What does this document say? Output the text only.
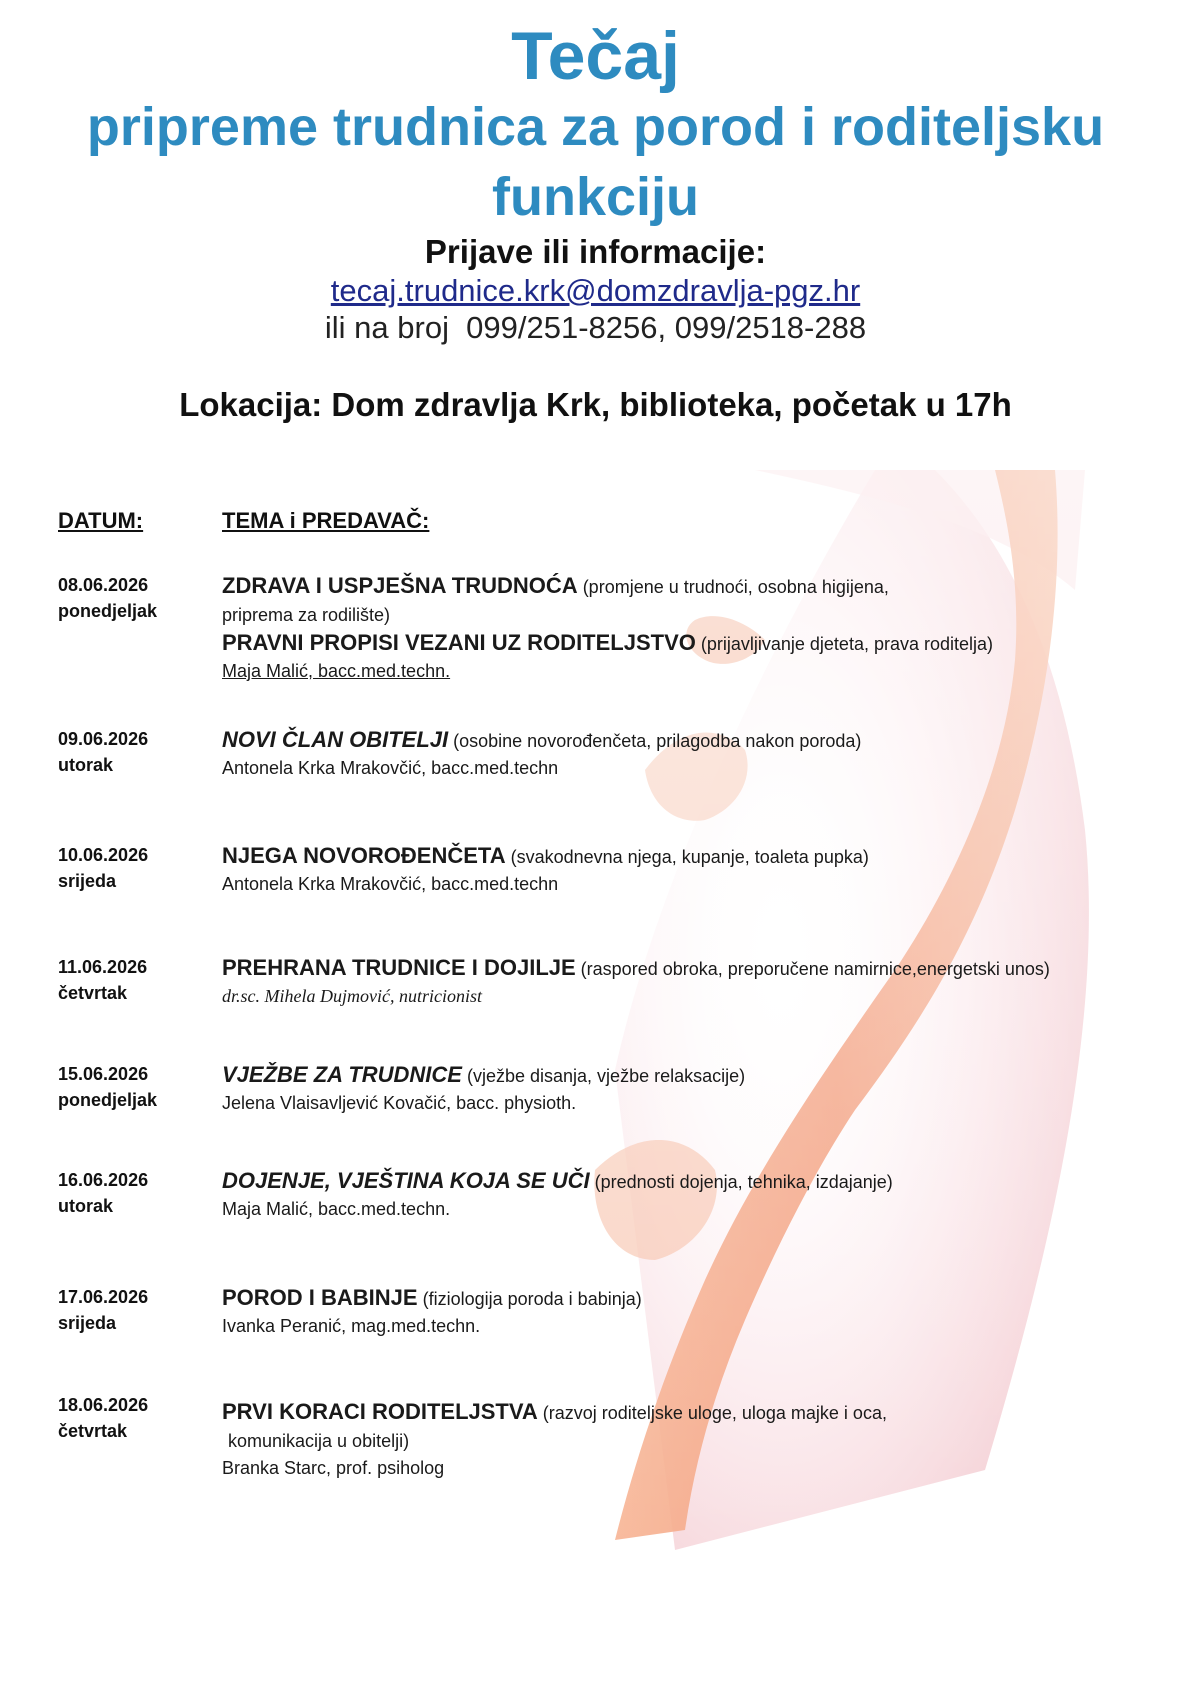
Tečaj
pripreme trudnica za porod i roditeljsku
funkciju
Prijave ili informacije:
tecaj.trudnice.krk@domzdravlja-pgz.hr
ili na broj  099/251-8256, 099/2518-288
Lokacija: Dom zdravlja Krk, biblioteka, početak u 17h
DATUM:	TEMA i PREDAVAČ:
08.06.2026
ponedjeljak
ZDRAVA I USPJEŠNA TRUDNOĆA (promjene u trudnoći, osobna higijena,
priprema za rodilište)
PRAVNI PROPISI VEZANI UZ RODITELJSTVO (prijavljivanje djeteta, prava roditelja)
Maja Malić, bacc.med.techn.
09.06.2026
utorak
NOVI ČLAN OBITELJI (osobine novorođenčeta, prilagodba nakon poroda)
Antonela Krka Mrakovčić, bacc.med.techn
10.06.2026
srijeda
NJEGA NOVOROĐENČETA (svakodnevna njega, kupanje, toaleta pupka)
Antonela Krka Mrakovčić, bacc.med.techn
11.06.2026
četvrtak
PREHRANA TRUDNICE I DOJILJE (raspored obroka, preporučene namirnice,energetski unos)
dr.sc. Mihela Dujmović, nutricionist
15.06.2026
ponedjeljak
VJEŽBE ZA TRUDNICE (vježbe disanja, vježbe relaksacije)
Jelena Vlaisavljević Kovačić, bacc. physioth.
16.06.2026
utorak
DOJENJE, VJEŠTINA KOJA SE UČI (prednosti dojenja, tehnika, izdajanje)
Maja Malić, bacc.med.techn.
17.06.2026
srijeda
POROD I BABINJE (fiziologija poroda i babinja)
Ivanka Peranić, mag.med.techn.
18.06.2026
četvrtak
PRVI KORACI RODITELJSTVA (razvoj roditeljske uloge, uloga majke i oca,
komunikacija u obitelji)
Branka Starc, prof. psiholog
